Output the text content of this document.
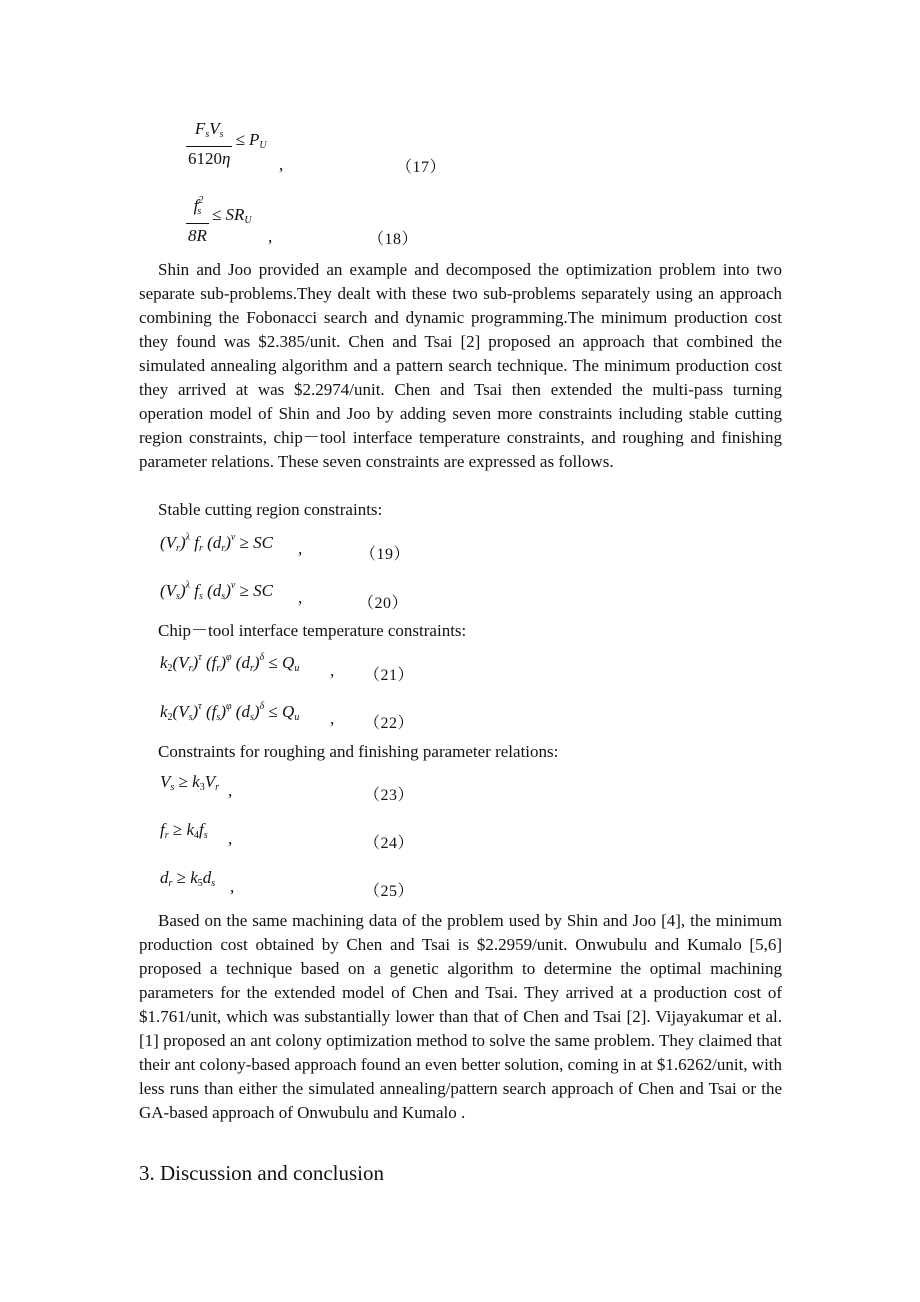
$\frac{F_sV_s}{6120\eta} \le P_U$
,	（17）
$\frac{f^2_s}{8R} \le SR_U$
,	（18）

Shin and Joo provided an example and decomposed the optimization problem into two separate sub-problems.They dealt with these two sub-problems separately using an approach combining the Fobonacci search and dynamic programming.The minimum production cost they found was $2.385/unit. Chen and Tsai [2] proposed an approach that combined the simulated annealing algorithm and a pattern search technique. The minimum production cost they arrived at was $2.2974/unit. Chen and Tsai then extended the multi-pass turning operation model of Shin and Joo by adding seven more constraints including stable cutting region constraints, chip－tool interface temperature constraints, and roughing and finishing parameter relations. These seven constraints are expressed as follows.

Stable cutting region constraints:

$(V_r)^\lambda$ $f_r$ $(d_r)^\nu$ ≥ SC ,	（19）
$(V_s)^\lambda$ $f_s$ $(d_s)^\nu$ ≥ SC ,	（20）

Chip－tool interface temperature constraints:

$k_2(V_r)^\tau$ $(f_r)^\varphi$ $(d_r)^\delta \le Q_u$ , （21）
$k_2(V_s)^\tau$ $(f_s)^\varphi$ $(d_s)^\delta \le Q_u$ , （22）

Constraints for roughing and finishing parameter relations:

$V_s \ge k_3V_r$ ,	（23）
$f_r \ge k_4f_s$ ,	（24）
$d_r \ge k_5d_s$ ,	（25）

Based on the same machining data of the problem used by Shin and Joo [4], the minimum production cost obtained by Chen and Tsai is $2.2959/unit. Onwubulu and Kumalo [5,6] proposed a technique based on a genetic algorithm to determine the optimal machining parameters for the extended model of Chen and Tsai. They arrived at a production cost of $1.761/unit, which was substantially lower than that of Chen and Tsai [2]. Vijayakumar et al. [1] proposed an ant colony optimization method to solve the same problem. They claimed that their ant colony-based approach found an even better solution, coming in at $1.6262/unit, with less runs than either the simulated annealing/pattern search approach of Chen and Tsai or the GA-based approach of Onwubulu and Kumalo .

3. Discussion and conclusion
